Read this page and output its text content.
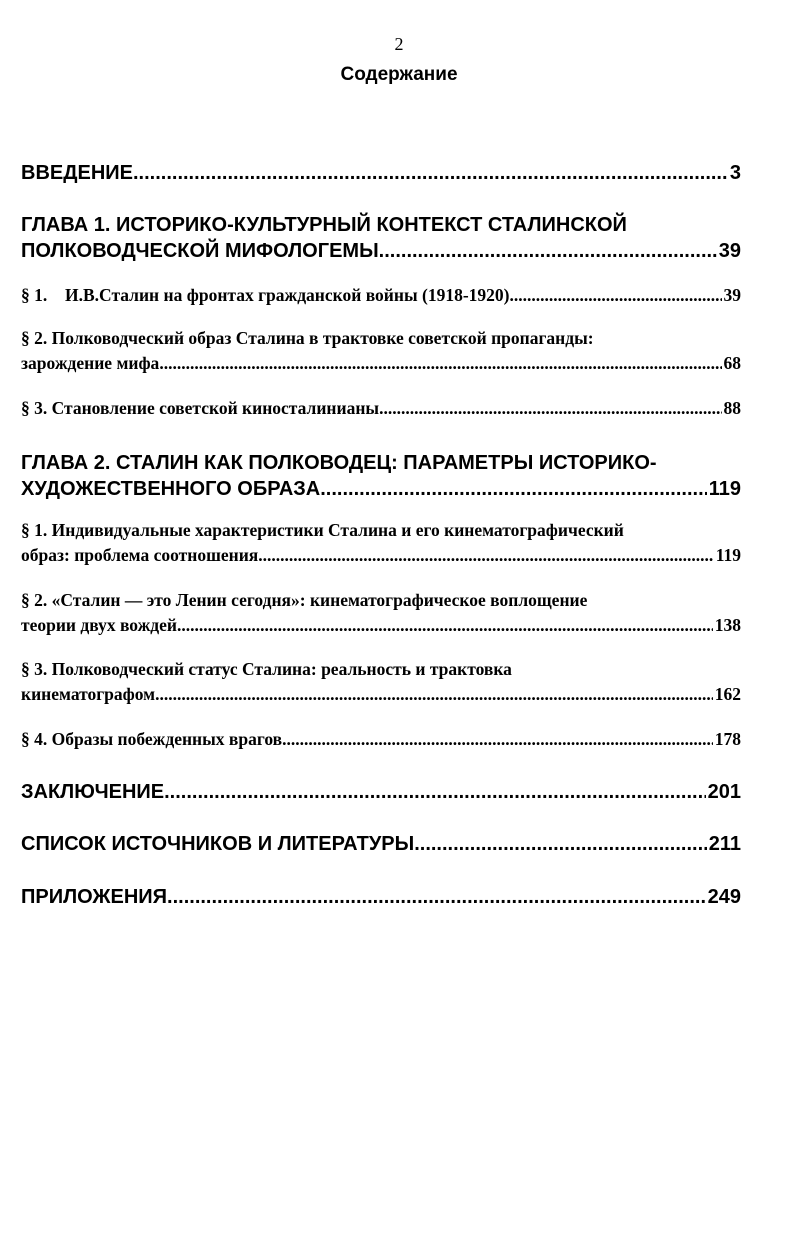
2
Содержание
ВВЕДЕНИЕ .....	3
ГЛАВА 1. ИСТОРИКО-КУЛЬТУРНЫЙ КОНТЕКСТ СТАЛИНСКОЙ
ПОЛКОВОДЧЕСКОЙ МИФОЛОГЕМЫ .....	39
§ 1. И.В.Сталин на фронтах гражданской войны (1918-1920) .....	39
§ 2. Полководческий образ Сталина в трактовке советской пропаганды:
зарождение мифа .....	68
§ 3. Становление советской киносталинианы .....	88
ГЛАВА 2. СТАЛИН КАК ПОЛКОВОДЕЦ: ПАРАМЕТРЫ ИСТОРИКО-
ХУДОЖЕСТВЕННОГО ОБРАЗА .....	119
§ 1. Индивидуальные характеристики Сталина и его кинематографический
образ: проблема соотношения .....	119
§ 2. «Сталин — это Ленин сегодня»: кинематографическое воплощение
теории двух вождей .....	138
§ 3. Полководческий статус Сталина: реальность и трактовка
кинематографом .....	162
§ 4. Образы побежденных врагов .....	178
ЗАКЛЮЧЕНИЕ .....	201
СПИСОК ИСТОЧНИКОВ И ЛИТЕРАТУРЫ .....	211
ПРИЛОЖЕНИЯ .....	249
